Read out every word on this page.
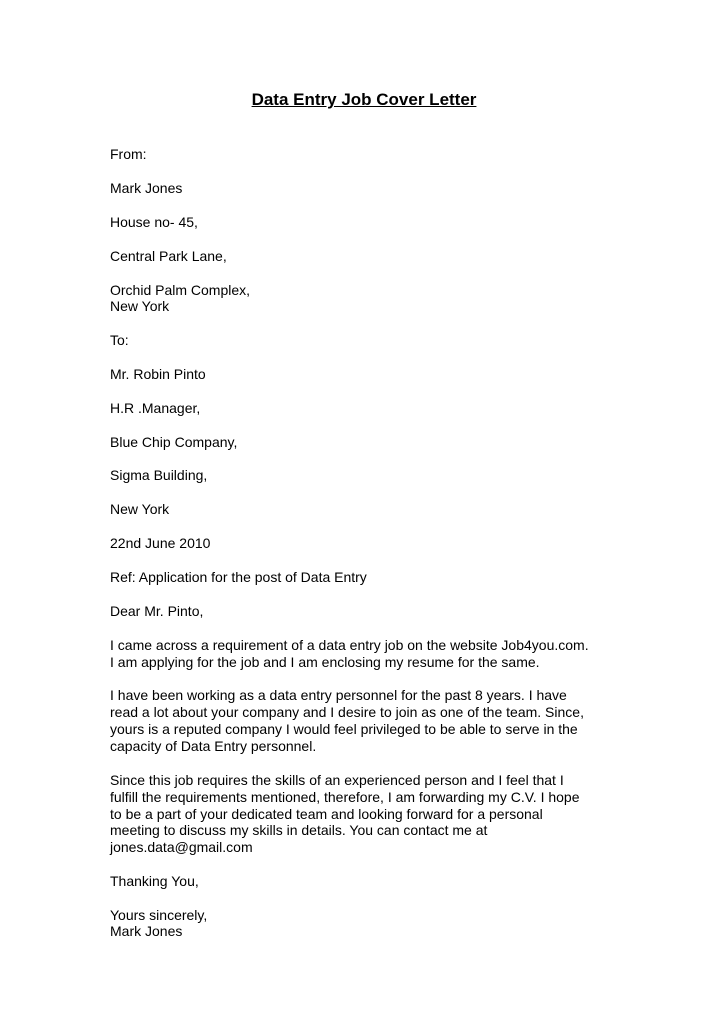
Data Entry Job Cover Letter

From:

Mark Jones

House no- 45,

Central Park Lane,

Orchid Palm Complex,

New York

To:

Mr. Robin Pinto

H.R .Manager,

Blue Chip Company,

Sigma Building,

New York

22nd June 2010

Ref: Application for the post of Data Entry

Dear Mr. Pinto,

I came across a requirement of a data entry job on the website Job4you.com.

I am applying for the job and I am enclosing my resume for the same.

I have been working as a data entry personnel for the past 8 years. I have

read a lot about your company and I desire to join as one of the team. Since,

yours is a reputed company I would feel privileged to be able to serve in the

capacity of Data Entry personnel.

Since this job requires the skills of an experienced person and I feel that I

fulfill the requirements mentioned, therefore, I am forwarding my C.V. I hope

to be a part of your dedicated team and looking forward for a personal

meeting to discuss my skills in details. You can contact me at

jones.data@gmail.com

Thanking You,

Yours sincerely,

Mark Jones
